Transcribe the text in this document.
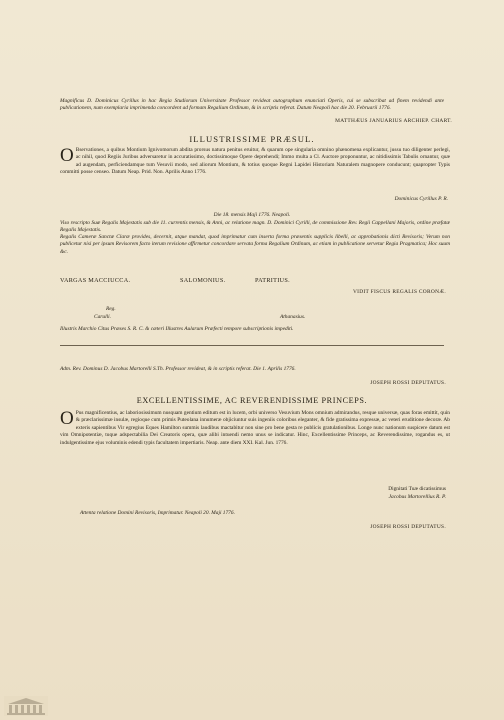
Magnificus D. Dominicus Cyrillus in hac Regia Studiorum Universitate Professor revideat autographum enunciati Operis, cui se subscribat ad finem revidendi ante publicationem, num exemplaria imprimenda concordent ad formam Regalium Ordinum, & in scriptis referat. Datum Neapoli hac die 20. Februarii 1776.
MATTHÆUS JANUARIUS ARCHIEP. CHART.
ILLUSTRISSIME PRÆSUL.
O Bservationes, a quibus Montium Ignivomorum abdita prorsus natura penitus eruitur, & quarum ope singularia omnino phænomena explicantur, jussu tuo diligenter perlegi, ac nihil, quod Regiis Juribus adversaretur in accuratissimo, doctissimoque Opere deprehendi; Immo multa a Cl. Auctore proponuntur, ac nitidissimis Tabulis ornantur, quæ ad augendam, perficiendamque tum Vesuvii modo, sed aliorum Montium, & totius quoque Regni Lapidei Historiam Naturalem magnopere conducunt; quapropter Typis committi posse censeo. Datum Neap. Prid. Non. Aprilis Anno 1776.
Dominicus Cyrillus P. R.
Die 18. mensis Maji 1776. Neapoli.
Viso rescripto Suæ Regalis Majestatis sub die 11. currentis mensis, & Anni, ac relatione magn. D. Dominici Cyrilli, de commissione Rev. Regii Cappellani Majoris, ordine præfatæ Regalis Majestatis.
Regalis Cameræ Sanctæ Claræ provides, decernit, atque mandat, quod imprimatur cum inserta forma præsentis supplicis libelli, ac approbationis dicti Revisoris; Verum non publicetur nisi per ipsum Revisorem facto iterum revisione affirmetur concordare servata forma Regalium Ordinum, ac etiam in publicatione servetur Regia Pragmatica; Hoc suum &c.
VARGAS MACCIUCCA.	SALOMONIUS.	PATRITIUS.
VIDIT FISCUS REGALIS CORONÆ.
Reg.
Carulli.	Athanasius.
Illustris Marchio Citus Præses S. R. C. & cæteri Illustres Aularum Præfecti tempore subscriptionis impediti.
Adm. Rev. Dominus D. Jacobus Martorelli S.Th. Professor revideat, & in scriptis referat. Die 1. Aprilis 1776.
JOSEPH ROSSI DEPUTATUS.
EXCELLENTISSIME, AC REVERENDISSIME PRINCEPS.
O Pus magnificentius, ac laboriosissimum nusquam gentium editum est in lucem, orbi universo Vesuvium Mons omnium admirandus, resque universæ, quas foras emittit, quin & præclarissimæ insulæ, regioque cum primis Puteolana innumeræ objiciuntur suis ingeniis coloribus eleganter, & fide gratissima expressæ, ac veteri eruditione decoræ. Ab exteris sapientibus Vir egregius Eques Hamilton summis laudibus mactabitur non sine pro bene gesta re publicis gratulationibus. Longe nunc nationum suspicere datum est vim Omnipotentiæ, tuque adspectabilia Dei Creatoris opera, quæ alibi intuendi nemo unus se indicatur. Hinc, Excellentissime Princeps, ac Reverendissime, rogandus es, ut indulgentissime ejus voluminis edendi typis facultatem impertiaris. Neap. ante diem XXI. Kal. Jun. 1776.
Dignitati Tuæ dicatissimus
Jacobus Martorellius R. P.
Attenta relatione Domini Revisoris, Imprimatur. Neapoli 20. Maji 1776.
JOSEPH ROSSI DEPUTATUS.
